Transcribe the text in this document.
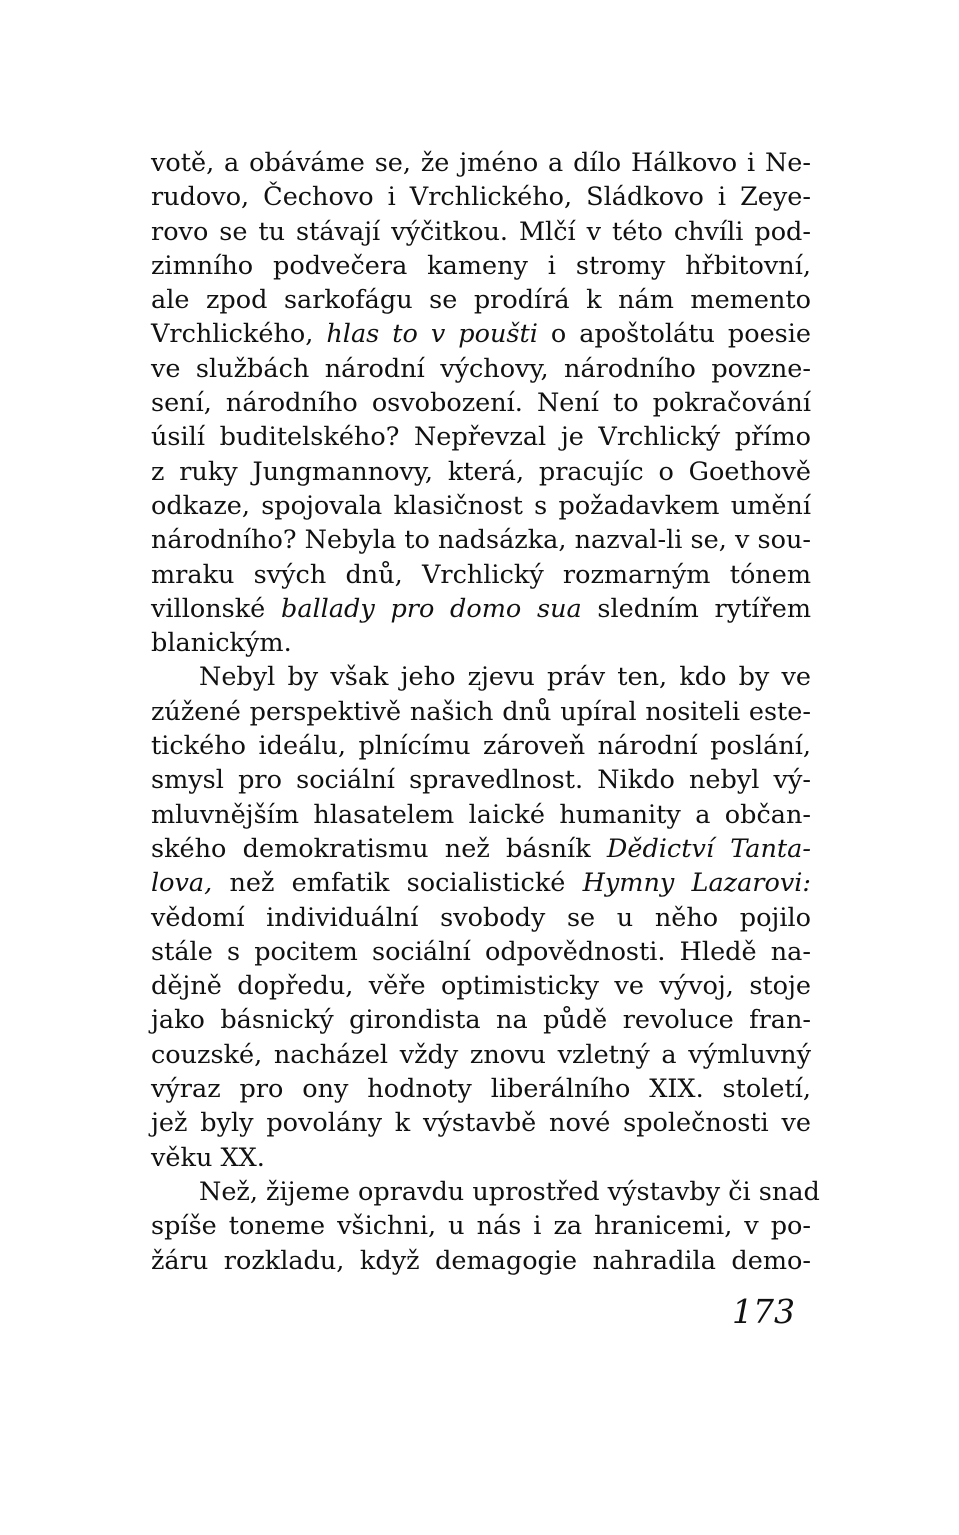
votě, a obáváme se, že jméno a dílo Hálkovo i Ne-
rudovo, Čechovo i Vrchlického, Sládkovo i Zeye-
rovo se tu stávají výčitkou. Mlčí v této chvíli pod-
zimního podvečera kameny i stromy hřbitovní,
ale zpod sarkofágu se prodírá k nám memento
Vrchlického, hlas to v poušti o apoštolátu poesie
ve službách národní výchovy, národního povzne-
sení, národního osvobození. Není to pokračování
úsilí buditelského? Nepřevzal je Vrchlický přímo
z ruky Jungmannovy, která, pracujíc o Goethově
odkaze, spojovala klasičnost s požadavkem umění
národního? Nebyla to nadsázka, nazval-li se, v sou-
mraku svých dnů, Vrchlický rozmarným tónem
villonské ballady pro domo sua sledním rytířem
blanickým.
Nebyl by však jeho zjevu práv ten, kdo by ve
zúžené perspektivě našich dnů upíral nositeli este-
tického ideálu, plnícímu zároveň národní poslání,
smysl pro sociální spravedlnost. Nikdo nebyl vý-
mluvnějším hlasatelem laické humanity a občan-
ského demokratismu než básník Dědictví Tanta-
lova, než emfatik socialistické Hymny Lazarovi:
vědomí individuální svobody se u něho pojilo
stále s pocitem sociální odpovědnosti. Hledě na-
dějně dopředu, věře optimisticky ve vývoj, stoje
jako básnický girondista na půdě revoluce fran-
couzské, nacházel vždy znovu vzletný a výmluvný
výraz pro ony hodnoty liberálního XIX. století,
jež byly povolány k výstavbě nové společnosti ve
věku XX.
Než, žijeme opravdu uprostřed výstavby či snad
spíše toneme všichni, u nás i za hranicemi, v po-
žáru rozkladu, když demagogie nahradila demo-
173
